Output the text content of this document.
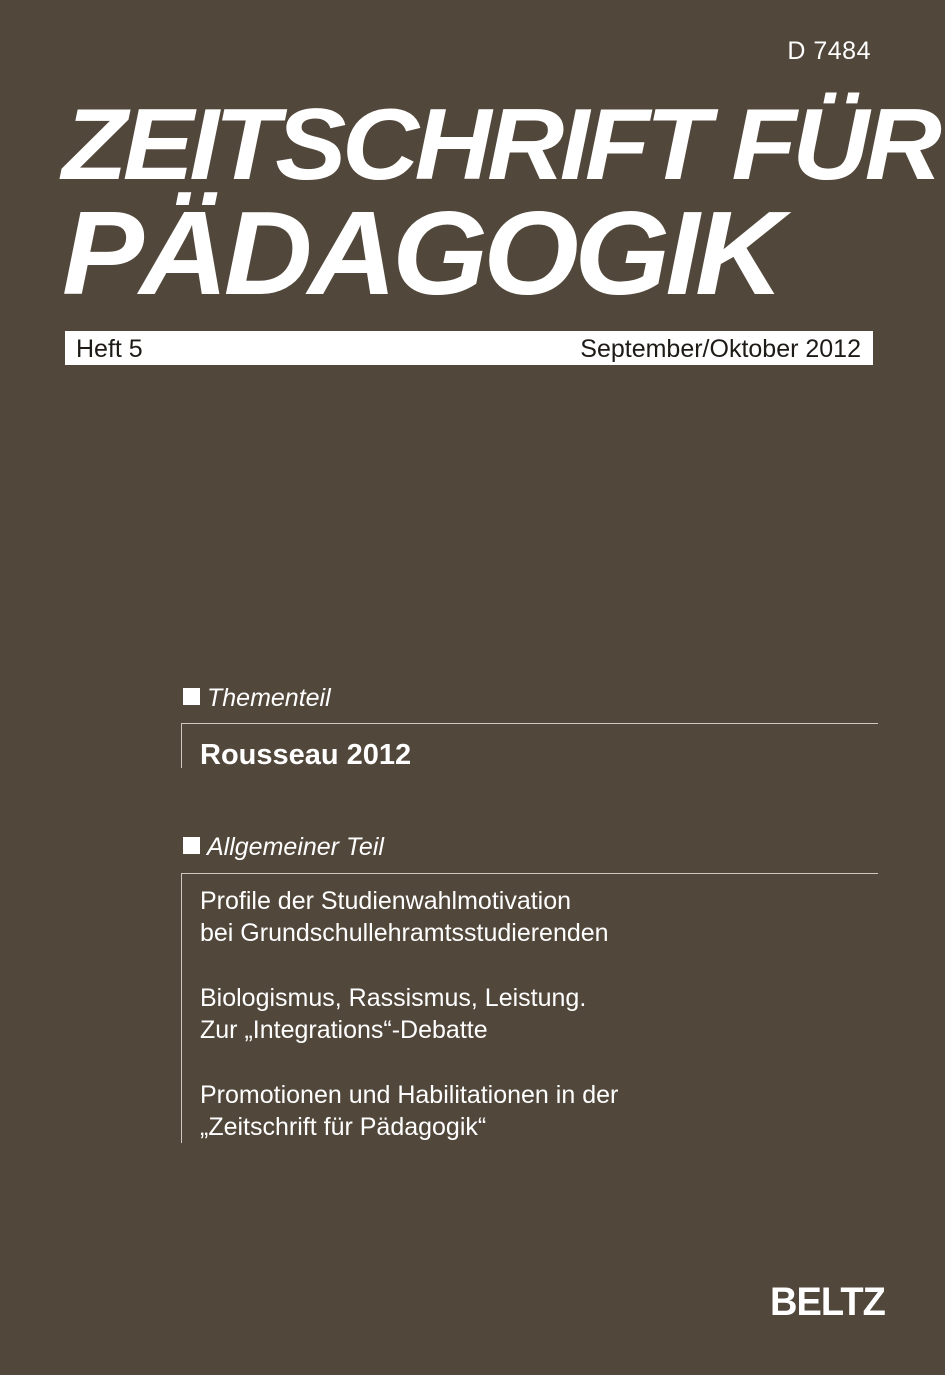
D 7484
ZEITSCHRIFT FÜR
PÄDAGOGIK
Heft 5	September/Oktober 2012
Thementeil
Rousseau 2012
Allgemeiner Teil
Profile der Studienwahlmotivation
bei Grundschullehramtsstudierenden
Biologismus, Rassismus, Leistung.
Zur „Integrations“-Debatte
Promotionen und Habilitationen in der
„Zeitschrift für Pädagogik“
BELTZ
